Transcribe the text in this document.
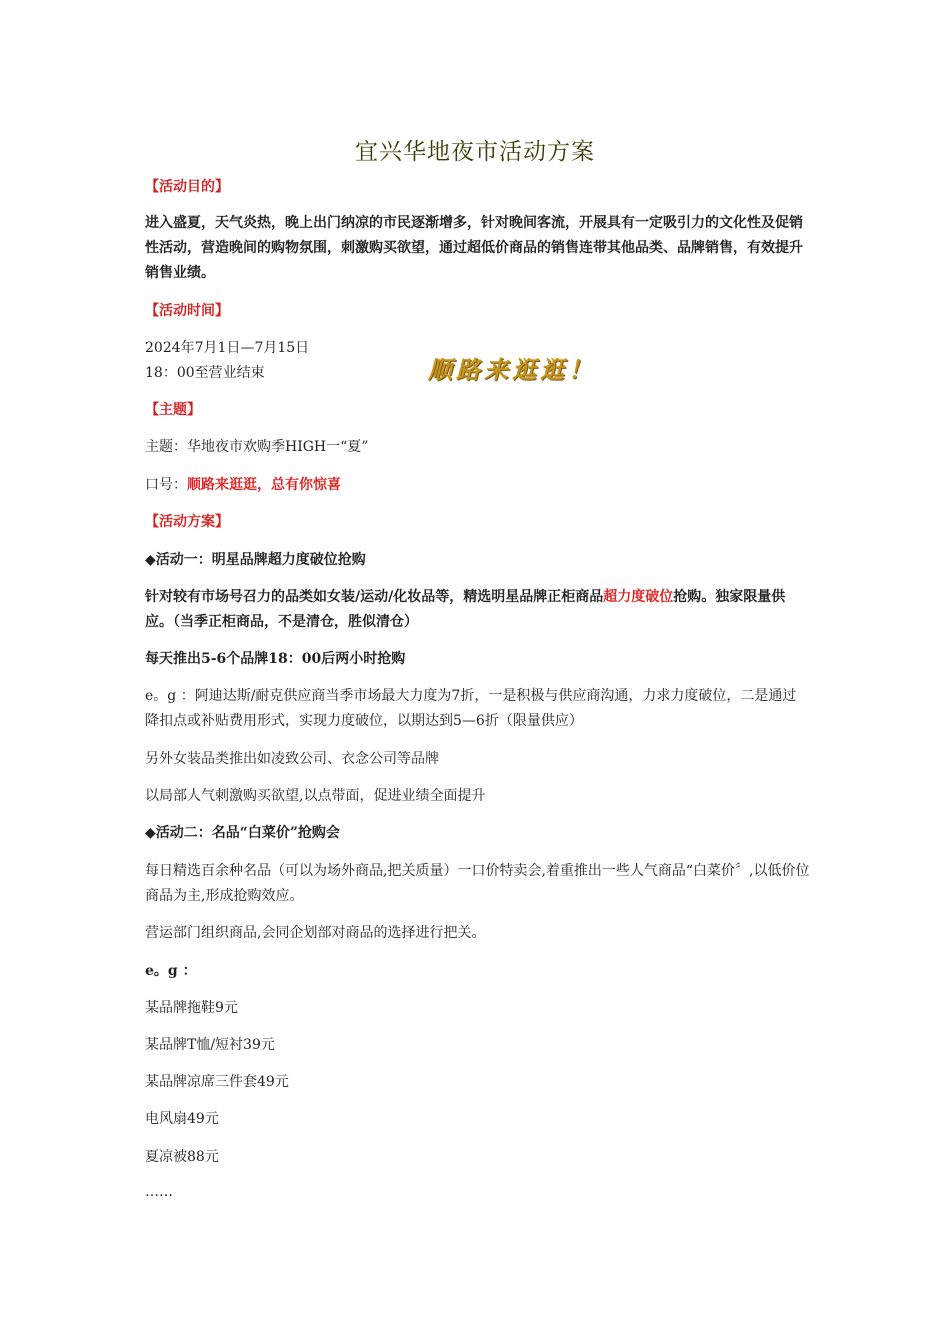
宜兴华地夜市活动方案

【活动目的】

进入盛夏，天气炎热，晚上出门纳凉的市民逐渐增多，针对晚间客流，开展具有一定吸引力的文化性及促销性活动，营造晚间的购物氛围，刺激购买欲望，通过超低价商品的销售连带其他品类、品牌销售，有效提升销售业绩。

【活动时间】

2024年7月1日—7月15日

18：00至营业结束	顺路来逛逛！

【主题】

主题：华地夜市欢购季HIGH一“夏”

口号：顺路来逛逛，总有你惊喜

【活动方案】

◆活动一：明星品牌超力度破位抢购

针对较有市场号召力的品类如女装/运动/化妆品等，精选明星品牌正柜商品超力度破位抢购。独家限量供应。（当季正柜商品，不是清仓，胜似清仓）

每天推出5-6个品牌18：00后两小时抢购

e。g ：阿迪达斯/耐克供应商当季市场最大力度为7折，一是积极与供应商沟通，力求力度破位，二是通过降扣点或补贴费用形式，实现力度破位，以期达到5—6折（限量供应）

另外女装品类推出如凌致公司、衣念公司等品牌

以局部人气刺激购买欲望,以点带面，促进业绩全面提升

◆活动二：名品“白菜价”抢购会

每日精选百余种名品（可以为场外商品,把关质量）一口价特卖会,着重推出一些人气商品“白菜价〞,以低价位商品为主,形成抢购效应。

营运部门组织商品,会同企划部对商品的选择进行把关。

e。g ：

某品牌拖鞋9元

某品牌T恤/短衬39元

某品牌凉席三件套49元

电风扇49元

夏凉被88元

……
